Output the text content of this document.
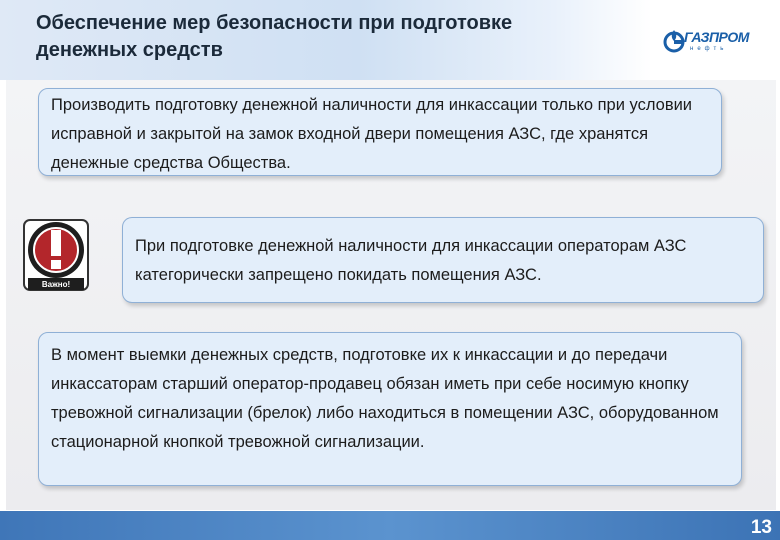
Обеспечение мер безопасности при подготовке
денежных средств
ГАЗПРОМ
нефть
Производить подготовку денежной наличности для инкассации только при условии исправной и закрытой на замок входной двери помещения АЗС, где хранятся денежные средства Общества.
Важно!
При подготовке денежной наличности для инкассации операторам АЗС категорически запрещено покидать помещения АЗС.
В момент выемки денежных средств, подготовке их к инкассации и до передачи инкассаторам старший оператор-продавец обязан иметь при себе носимую кнопку тревожной сигнализации (брелок) либо находиться в помещении АЗС, оборудованном стационарной кнопкой тревожной сигнализации.
13
